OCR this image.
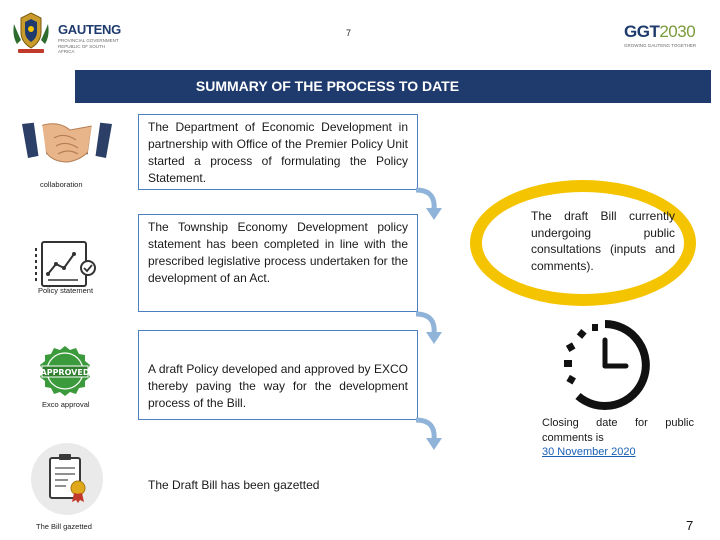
GAUTENG
PROVINCIAL GOVERNMENT REPUBLIC OF SOUTH AFRICA
7	GGT2030
GROWING GAUTENG TOGETHER
SUMMARY OF THE PROCESS TO DATE
collaboration
Policy statement
APPROVED
Exco approval
The Bill gazetted
The Department of Economic Development in partnership with Office of the Premier Policy Unit started a process of formulating the Policy Statement.
The Township Economy Development policy statement has been completed in line with the prescribed legislative process undertaken for the development of an Act.
A draft Policy developed and approved by EXCO thereby paving the way for the development process of the Bill.
The Draft Bill has been gazetted
The draft Bill currently undergoing public consultations (inputs and comments).
Closing date for public comments is
30 November 2020
7
